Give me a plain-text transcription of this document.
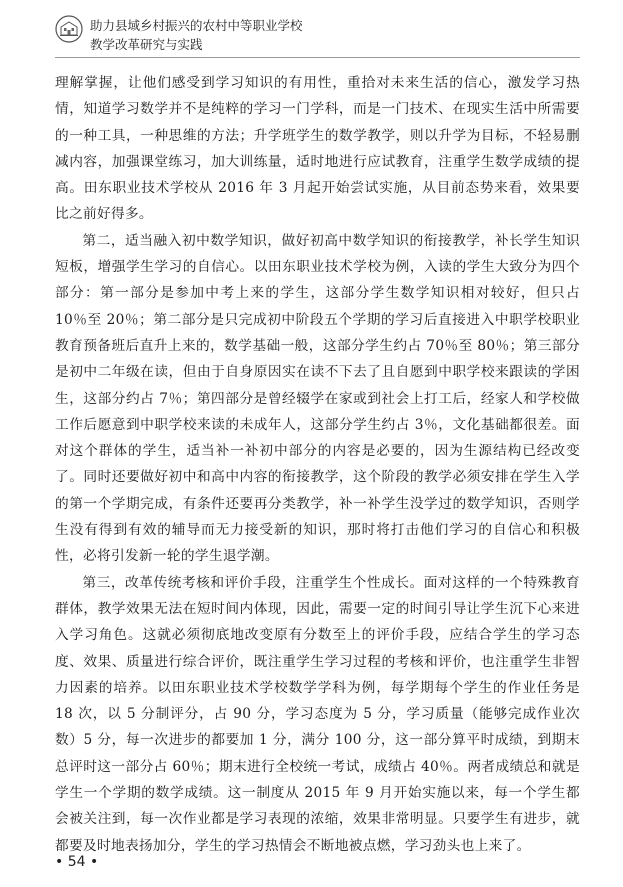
助力县域乡村振兴的农村中等职业学校
教学改革研究与实践

理解掌握，让他们感受到学习知识的有用性，重拾对未来生活的信心，激发学习热情，知道学习数学并不是纯粹的学习一门学科，而是一门技术、在现实生活中所需要的一种工具，一种思维的方法；升学班学生的数学教学，则以升学为目标，不轻易删减内容，加强课堂练习，加大训练量，适时地进行应试教育，注重学生数学成绩的提高。田东职业技术学校从 2016 年 3 月起开始尝试实施，从目前态势来看，效果要比之前好得多。

第二，适当融入初中数学知识，做好初高中数学知识的衔接教学，补长学生知识短板，增强学生学习的自信心。以田东职业技术学校为例，入读的学生大致分为四个部分：第一部分是参加中考上来的学生，这部分学生数学知识相对较好，但只占 10％至 20％；第二部分是只完成初中阶段五个学期的学习后直接进入中职学校职业教育预备班后直升上来的，数学基础一般，这部分学生约占 70％至 80％；第三部分是初中二年级在读，但由于自身原因实在读不下去了且自愿到中职学校来跟读的学困生，这部分约占 7％；第四部分是曾经辍学在家或到社会上打工后，经家人和学校做工作后愿意到中职学校来读的未成年人，这部分学生约占 3％，文化基础都很差。面对这个群体的学生，适当补一补初中部分的内容是必要的，因为生源结构已经改变了。同时还要做好初中和高中内容的衔接教学，这个阶段的教学必须安排在学生入学的第一个学期完成，有条件还要再分类教学，补一补学生没学过的数学知识，否则学生没有得到有效的辅导而无力接受新的知识，那时将打击他们学习的自信心和积极性，必将引发新一轮的学生退学潮。

第三，改革传统考核和评价手段，注重学生个性成长。面对这样的一个特殊教育群体，教学效果无法在短时间内体现，因此，需要一定的时间引导让学生沉下心来进入学习角色。这就必须彻底地改变原有分数至上的评价手段，应结合学生的学习态度、效果、质量进行综合评价，既注重学生学习过程的考核和评价，也注重学生非智力因素的培养。以田东职业技术学校数学学科为例，每学期每个学生的作业任务是 18 次，以 5 分制评分，占 90 分，学习态度为 5 分，学习质量（能够完成作业次数）5 分，每一次进步的都要加 1 分，满分 100 分，这一部分算平时成绩，到期末总评时这一部分占 60％；期末进行全校统一考试，成绩占 40％。两者成绩总和就是学生一个学期的数学成绩。这一制度从 2015 年 9 月开始实施以来，每一个学生都会被关注到，每一次作业都是学习表现的浓缩，效果非常明显。只要学生有进步，就都要及时地表扬加分，学生的学习热情会不断地被点燃，学习劲头也上来了。

• 54 •
